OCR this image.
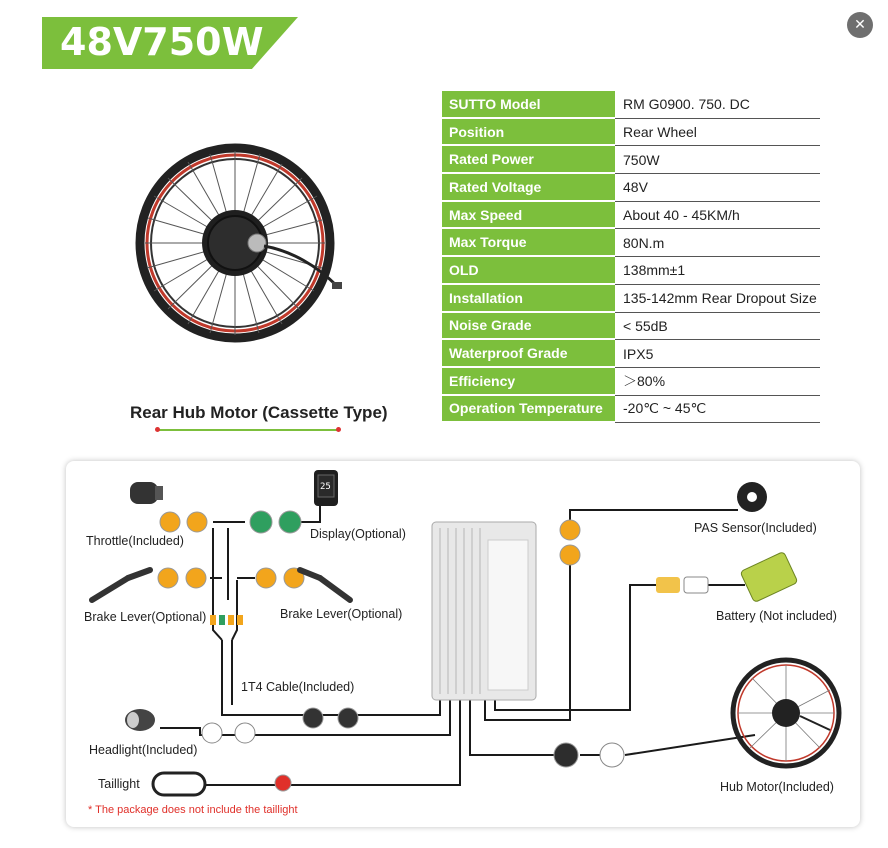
48V750W	✕
Rear Hub Motor (Cassette Type)
SUTTO Model	RM G0900. 750. DC
Position	Rear Wheel
Rated Power	750W
Rated Voltage	48V
Max Speed	About 40 - 45KM/h
Max Torque	80N.m
OLD	138mm±1
Installation	135-142mm Rear Dropout Size
Noise Grade	< 55dB
Waterproof Grade	IPX5
Efficiency	＞80%
Operation Temperature	-20℃ ~ 45℃
Throttle(Included)	Display(Optional)
25
Brake Lever(Optional)	Brake Lever(Optional)
1T4 Cable(Included)
Headlight(Included)
Taillight
PAS Sensor(Included)
Battery (Not included)
Hub Motor(Included)
* The package does not include the taillight
